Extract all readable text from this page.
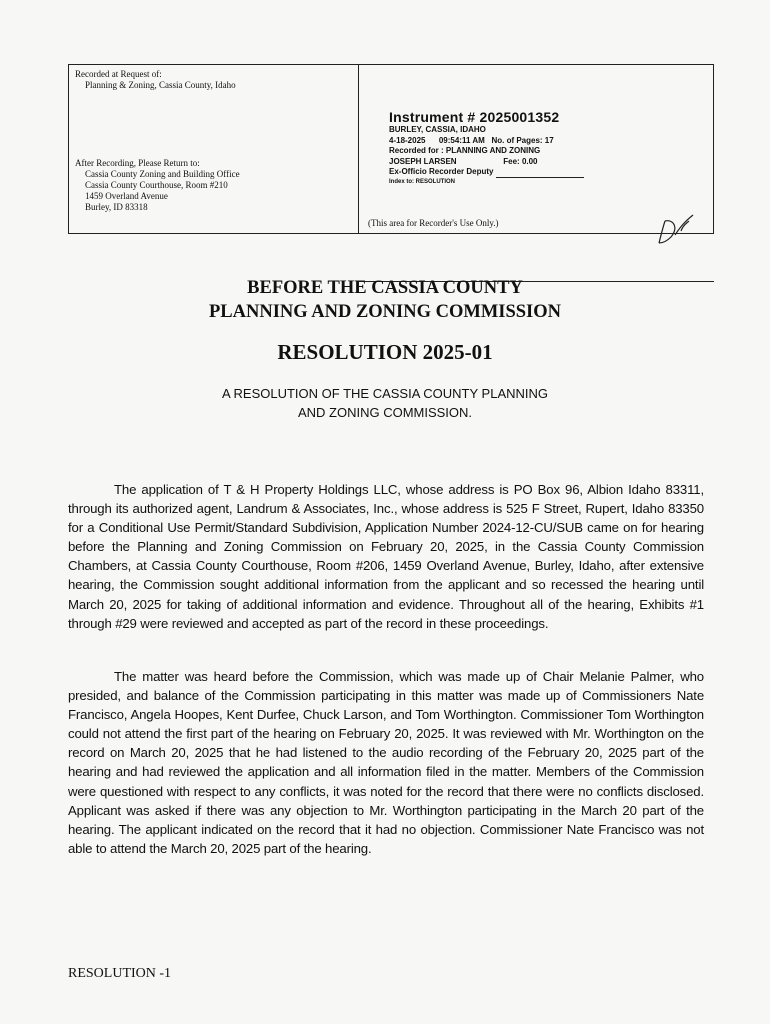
Recorded at Request of:
Planning & Zoning, Cassia County, Idaho
After Recording, Please Return to:
Cassia County Zoning and Building Office
Cassia County Courthouse, Room #210
1459 Overland Avenue
Burley, ID 83318
Instrument # 2025001352
BURLEY, CASSIA, IDAHO
4-18-2025 09:54:11 AM No. of Pages: 17
Recorded for : PLANNING AND ZONING
JOSEPH LARSEN	Fee: 0.00
Ex-Officio Recorder Deputy
Index to: RESOLUTION
(This area for Recorder's Use Only.)
BEFORE THE CASSIA COUNTY
PLANNING AND ZONING COMMISSION
RESOLUTION 2025-01
A RESOLUTION OF THE CASSIA COUNTY PLANNING
AND ZONING COMMISSION.
The application of T & H Property Holdings LLC, whose address is PO Box 96, Albion Idaho 83311, through its authorized agent, Landrum & Associates, Inc., whose address is 525 F Street, Rupert, Idaho 83350 for a Conditional Use Permit/Standard Subdivision, Application Number 2024-12-CU/SUB came on for hearing before the Planning and Zoning Commission on February 20, 2025, in the Cassia County Commission Chambers, at Cassia County Courthouse, Room #206, 1459 Overland Avenue, Burley, Idaho, after extensive hearing, the Commission sought additional information from the applicant and so recessed the hearing until March 20, 2025 for taking of additional information and evidence. Throughout all of the hearing, Exhibits #1 through #29 were reviewed and accepted as part of the record in these proceedings.
The matter was heard before the Commission, which was made up of Chair Melanie Palmer, who presided, and balance of the Commission participating in this matter was made up of Commissioners Nate Francisco, Angela Hoopes, Kent Durfee, Chuck Larson, and Tom Worthington. Commissioner Tom Worthington could not attend the first part of the hearing on February 20, 2025. It was reviewed with Mr. Worthington on the record on March 20, 2025 that he had listened to the audio recording of the February 20, 2025 part of the hearing and had reviewed the application and all information filed in the matter. Members of the Commission were questioned with respect to any conflicts, it was noted for the record that there were no conflicts disclosed. Applicant was asked if there was any objection to Mr. Worthington participating in the March 20 part of the hearing. The applicant indicated on the record that it had no objection. Commissioner Nate Francisco was not able to attend the March 20, 2025 part of the hearing.
RESOLUTION -1
